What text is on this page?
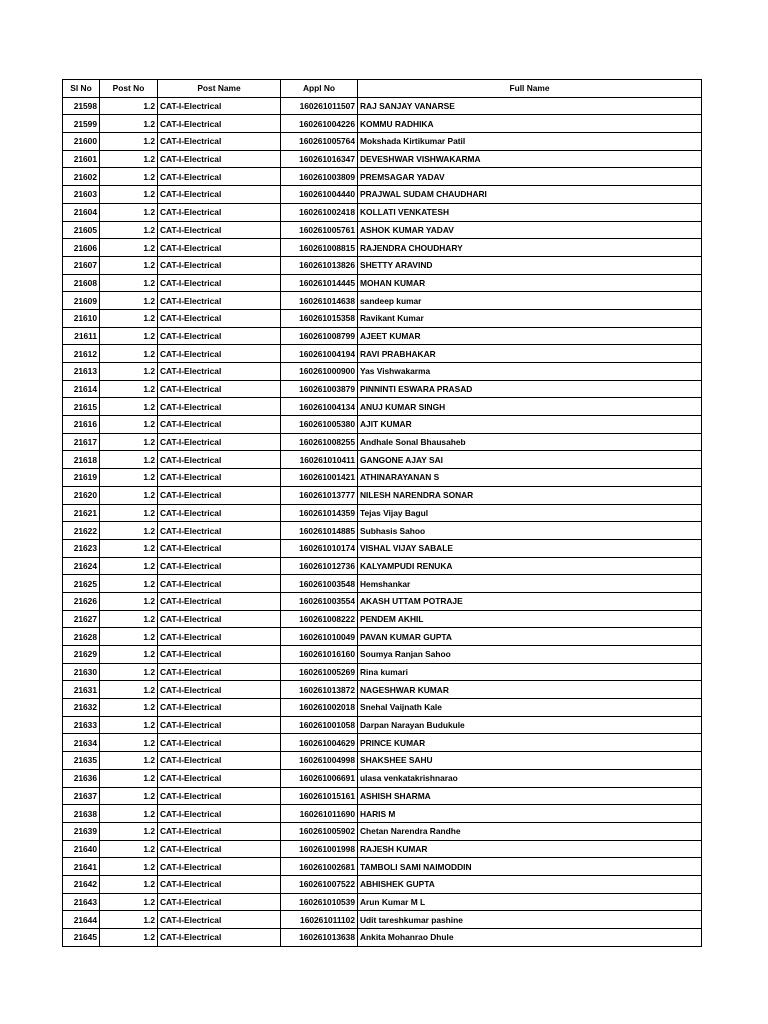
Sl No	Post No	Post Name	Appl No	Full Name
21598	1.2	CAT-I-Electrical	160261011507	RAJ SANJAY VANARSE
21599	1.2	CAT-I-Electrical	160261004226	KOMMU RADHIKA
21600	1.2	CAT-I-Electrical	160261005764	Mokshada Kirtikumar Patil
21601	1.2	CAT-I-Electrical	160261016347	DEVESHWAR VISHWAKARMA
21602	1.2	CAT-I-Electrical	160261003809	PREMSAGAR YADAV
21603	1.2	CAT-I-Electrical	160261004440	PRAJWAL SUDAM CHAUDHARI
21604	1.2	CAT-I-Electrical	160261002418	KOLLATI VENKATESH
21605	1.2	CAT-I-Electrical	160261005761	ASHOK KUMAR YADAV
21606	1.2	CAT-I-Electrical	160261008815	RAJENDRA CHOUDHARY
21607	1.2	CAT-I-Electrical	160261013826	SHETTY ARAVIND
21608	1.2	CAT-I-Electrical	160261014445	MOHAN KUMAR
21609	1.2	CAT-I-Electrical	160261014638	sandeep kumar
21610	1.2	CAT-I-Electrical	160261015358	Ravikant Kumar
21611	1.2	CAT-I-Electrical	160261008799	AJEET KUMAR
21612	1.2	CAT-I-Electrical	160261004194	RAVI PRABHAKAR
21613	1.2	CAT-I-Electrical	160261000900	Yas Vishwakarma
21614	1.2	CAT-I-Electrical	160261003879	PINNINTI ESWARA PRASAD
21615	1.2	CAT-I-Electrical	160261004134	ANUJ KUMAR SINGH
21616	1.2	CAT-I-Electrical	160261005380	AJIT KUMAR
21617	1.2	CAT-I-Electrical	160261008255	Andhale Sonal Bhausaheb
21618	1.2	CAT-I-Electrical	160261010411	GANGONE AJAY SAI
21619	1.2	CAT-I-Electrical	160261001421	ATHINARAYANAN S
21620	1.2	CAT-I-Electrical	160261013777	NILESH NARENDRA SONAR
21621	1.2	CAT-I-Electrical	160261014359	Tejas Vijay Bagul
21622	1.2	CAT-I-Electrical	160261014885	Subhasis Sahoo
21623	1.2	CAT-I-Electrical	160261010174	VISHAL VIJAY SABALE
21624	1.2	CAT-I-Electrical	160261012736	KALYAMPUDI RENUKA
21625	1.2	CAT-I-Electrical	160261003548	Hemshankar
21626	1.2	CAT-I-Electrical	160261003554	AKASH UTTAM POTRAJE
21627	1.2	CAT-I-Electrical	160261008222	PENDEM AKHIL
21628	1.2	CAT-I-Electrical	160261010049	PAVAN KUMAR GUPTA
21629	1.2	CAT-I-Electrical	160261016160	Soumya Ranjan Sahoo
21630	1.2	CAT-I-Electrical	160261005269	Rina kumari
21631	1.2	CAT-I-Electrical	160261013872	NAGESHWAR KUMAR
21632	1.2	CAT-I-Electrical	160261002018	Snehal Vaijnath Kale
21633	1.2	CAT-I-Electrical	160261001058	Darpan Narayan Budukule
21634	1.2	CAT-I-Electrical	160261004629	PRINCE KUMAR
21635	1.2	CAT-I-Electrical	160261004998	SHAKSHEE SAHU
21636	1.2	CAT-I-Electrical	160261006691	ulasa venkatakrishnarao
21637	1.2	CAT-I-Electrical	160261015161	ASHISH SHARMA
21638	1.2	CAT-I-Electrical	160261011690	HARIS M
21639	1.2	CAT-I-Electrical	160261005902	Chetan Narendra Randhe
21640	1.2	CAT-I-Electrical	160261001998	RAJESH KUMAR
21641	1.2	CAT-I-Electrical	160261002681	TAMBOLI SAMI NAIMODDIN
21642	1.2	CAT-I-Electrical	160261007522	ABHISHEK GUPTA
21643	1.2	CAT-I-Electrical	160261010539	Arun Kumar M L
21644	1.2	CAT-I-Electrical	160261011102	Udit tareshkumar pashine
21645	1.2	CAT-I-Electrical	160261013638	Ankita Mohanrao Dhule
